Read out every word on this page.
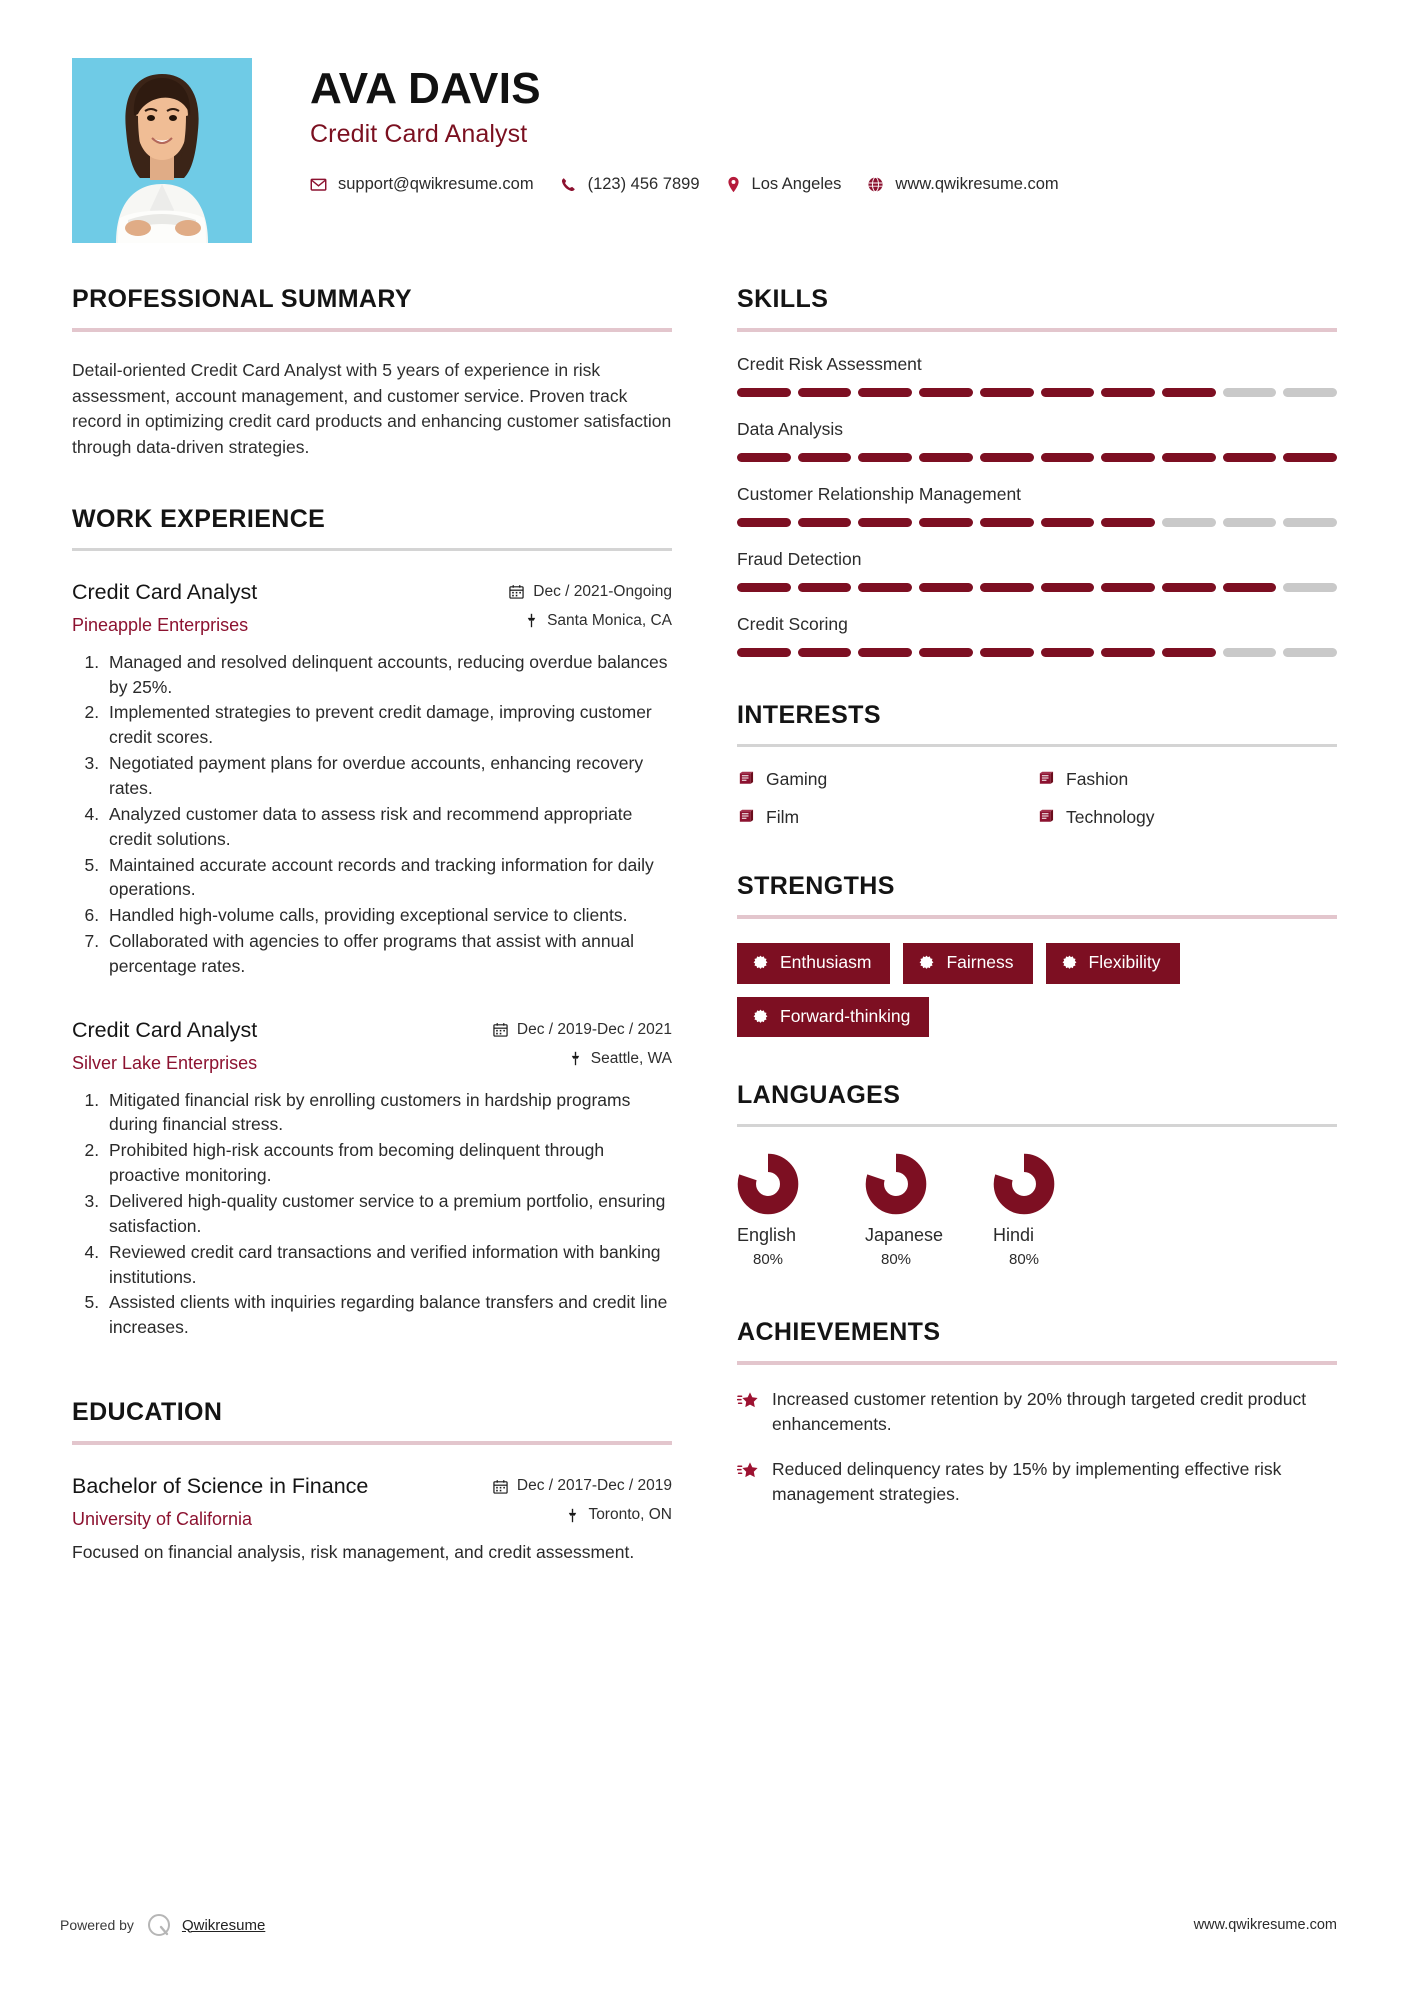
AVA DAVIS
Credit Card Analyst
support@qwikresume.com	(123) 456 7899	Los Angeles	www.qwikresume.com
PROFESSIONAL SUMMARY
Detail-oriented Credit Card Analyst with 5 years of experience in risk assessment, account management, and customer service. Proven track record in optimizing credit card products and enhancing customer satisfaction through data-driven strategies.
WORK EXPERIENCE
Credit Card Analyst
Pineapple Enterprises
Dec / 2021-Ongoing
Santa Monica, CA
1. Managed and resolved delinquent accounts, reducing overdue balances by 25%.
2. Implemented strategies to prevent credit damage, improving customer credit scores.
3. Negotiated payment plans for overdue accounts, enhancing recovery rates.
4. Analyzed customer data to assess risk and recommend appropriate credit solutions.
5. Maintained accurate account records and tracking information for daily operations.
6. Handled high-volume calls, providing exceptional service to clients.
7. Collaborated with agencies to offer programs that assist with annual percentage rates.
Credit Card Analyst
Silver Lake Enterprises
Dec / 2019-Dec / 2021
Seattle, WA
1. Mitigated financial risk by enrolling customers in hardship programs during financial stress.
2. Prohibited high-risk accounts from becoming delinquent through proactive monitoring.
3. Delivered high-quality customer service to a premium portfolio, ensuring satisfaction.
4. Reviewed credit card transactions and verified information with banking institutions.
5. Assisted clients with inquiries regarding balance transfers and credit line increases.
EDUCATION
Bachelor of Science in Finance
University of California
Dec / 2017-Dec / 2019
Toronto, ON
Focused on financial analysis, risk management, and credit assessment.
SKILLS
Credit Risk Assessment
Data Analysis
Customer Relationship Management
Fraud Detection
Credit Scoring
INTERESTS
Gaming	Fashion
Film	Technology
STRENGTHS
Enthusiasm	Fairness	Flexibility
Forward-thinking
LANGUAGES
English
80%
Japanese
80%
Hindi
80%
ACHIEVEMENTS
Increased customer retention by 20% through targeted credit product enhancements.
Reduced delinquency rates by 15% by implementing effective risk management strategies.
Powered by	Qwikresume	www.qwikresume.com
